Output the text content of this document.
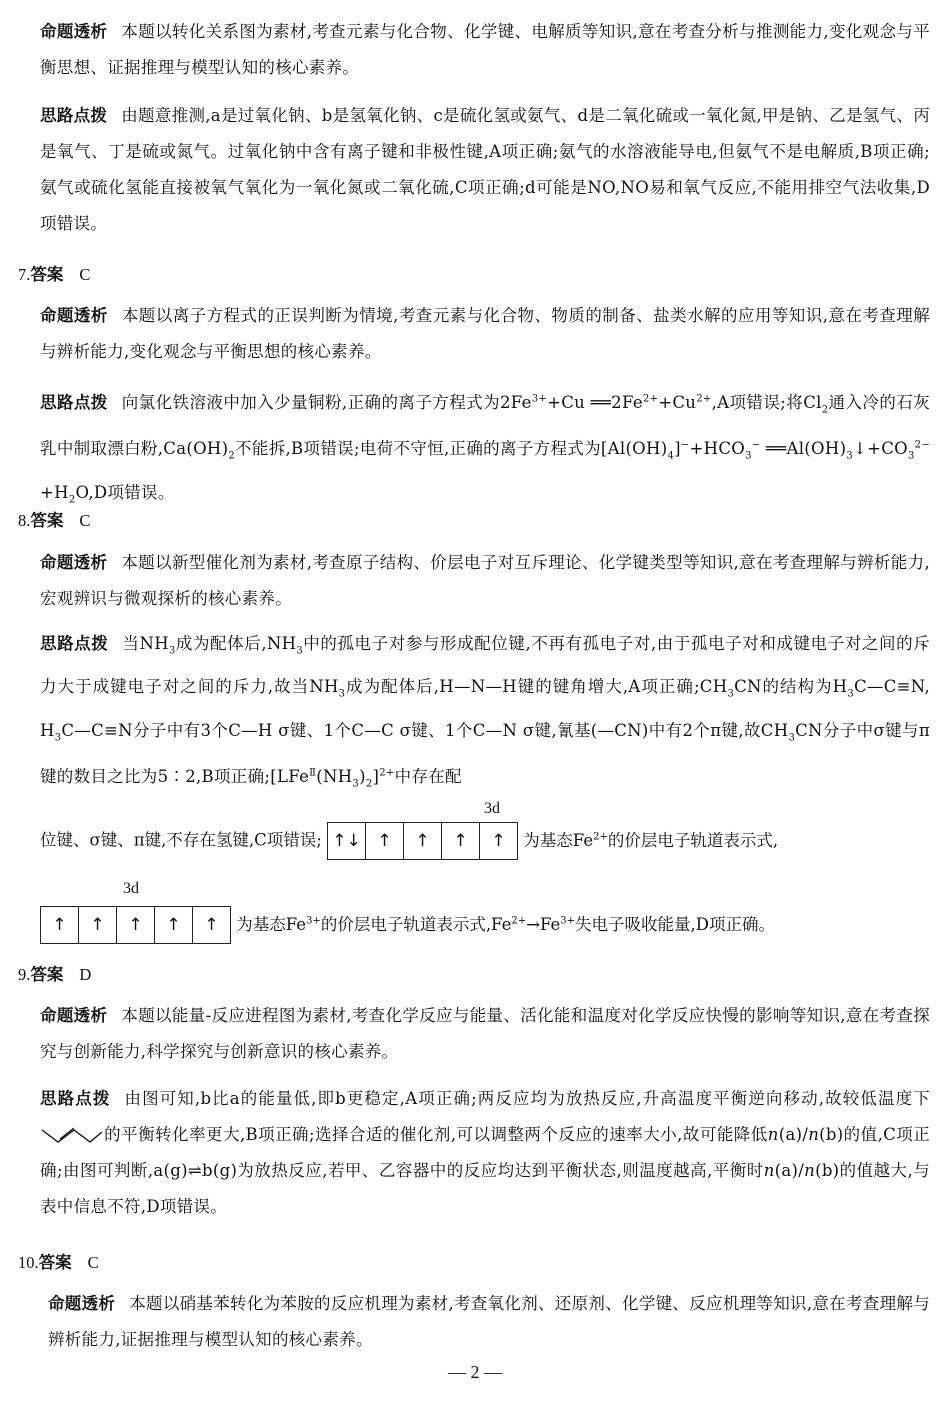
命题透析 本题以转化关系图为素材,考查元素与化合物、化学键、电解质等知识,意在考查分析与推测能力,变化观念与平衡思想、证据推理与模型认知的核心素养。
思路点拨 由题意推测,a是过氧化钠、b是氢氧化钠、c是硫化氢或氨气、d是二氧化硫或一氧化氮,甲是钠、乙是氢气、丙是氧气、丁是硫或氮气。过氧化钠中含有离子键和非极性键,A项正确;氨气的水溶液能导电,但氨气不是电解质,B项正确;氨气或硫化氢能直接被氧气氧化为一氧化氮或二氧化硫,C项正确;d可能是NO,NO易和氧气反应,不能用排空气法收集,D项错误。
7.答案 C
命题透析 本题以离子方程式的正误判断为情境,考查元素与化合物、物质的制备、盐类水解的应用等知识,意在考查理解与辨析能力,变化观念与平衡思想的核心素养。
思路点拨 向氯化铁溶液中加入少量铜粉,正确的离子方程式为$2Fe^{3+}+Cu$ $══2Fe^{2+}+Cu^{2+},A$项错误;将$Cl_2$通入冷的石灰乳中制取漂白粉$,Ca(OH)_2$不能拆,B项错误;电荷不守恒,正确的离子方程式为$[Al(OH)_4]^-+HCO_3^-$ $══Al(OH)_3↓+CO_3^{2-}+H_2O,D$项错误。
8.答案 C
命题透析 本题以新型催化剂为素材,考查原子结构、价层电子对互斥理论、化学键类型等知识,意在考查理解与辨析能力,宏观辨识与微观探析的核心素养。
思路点拨 当$NH_3$成为配体后$,NH_3$中的孤电子对参与形成配位键,不再有孤电子对,由于孤电子对和成键电子对之间的斥力大于成键电子对之间的斥力,故当$NH_3$成为配体后,H—N—H键的键角增大,A项正确$;CH_3CN$的结构为$H_3C—C\equiv N$, $H_3C—C\equiv N$分子中有3个C—H σ键、1个C—C σ键、1个C—N σ键,氰基(—CN)中有2个π键,故$CH_3CN$分子中σ键与π键的数目之比为5∶2,B项正确$;[LFe^Ⅱ(NH_3)_2]^{2+}$中存在配
3d
位键、σ键、π键,不存在氢键,C项错误; ↑↓ ↑	↑	↑	↑	为基态$Fe^{2+}$的价层电子轨道表示式,
3d
↑	↑	↑	↑	↑	为基态$Fe^{3+}$的价层电子轨道表示式$,Fe^{2+}\to Fe^{3+}$失电子吸收能量,D项正确。
9.答案 D
命题透析 本题以能量-反应进程图为素材,考查化学反应与能量、活化能和温度对化学反应快慢的影响等知识,意在考查探究与创新能力,科学探究与创新意识的核心素养。
思路点拨 由图可知,b比a的能量低,即b更稳定,A项正确;两反应均为放热反应,升高温度平衡逆向移动,故较低温度下的平衡转化率更大,B项正确;选择合适的催化剂,可以调整两个反应的速率大小,故可能降低n(a)/n(b)的值,C项正确;由图可判断,a(g)⇌b(g)为放热反应,若甲、乙容器中的反应均达到平衡状态,则温度越高,平衡时n(a)/n(b)的值越大,与表中信息不符,D项错误。
10.答案 C
命题透析 本题以硝基苯转化为苯胺的反应机理为素材,考查氧化剂、还原剂、化学键、反应机理等知识,意在考查理解与辨析能力,证据推理与模型认知的核心素养。
— 2 —
